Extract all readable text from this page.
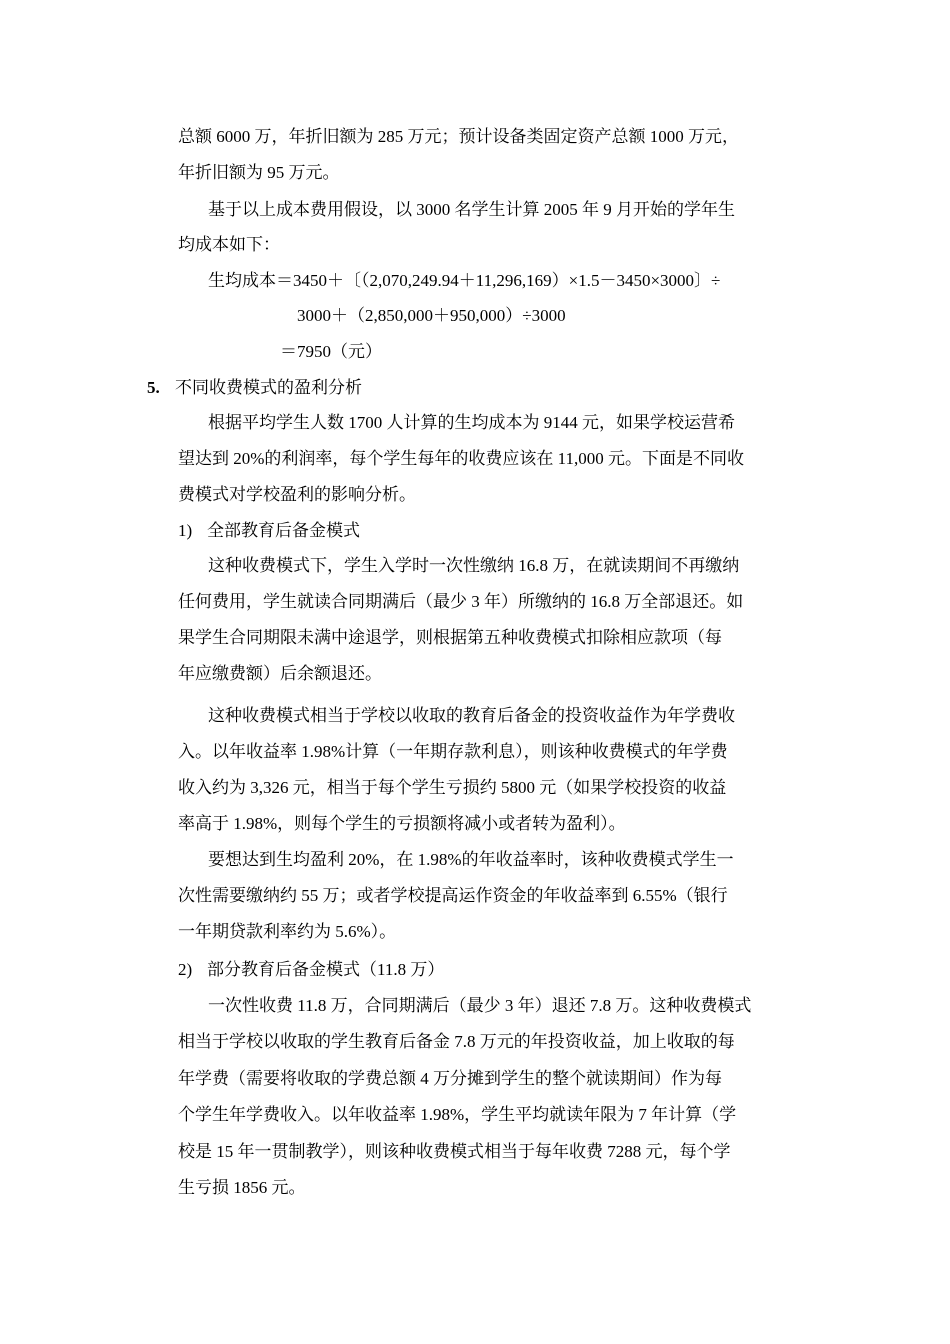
总额 6000 万，年折旧额为 285 万元；预计设备类固定资产总额 1000 万元，
年折旧额为 95 万元。
基于以上成本费用假设，以 3000 名学生计算 2005 年 9 月开始的学年生
均成本如下：
生均成本＝3450＋〔（2,070,249.94＋11,296,169）×1.5－3450×3000〕÷
3000＋（2,850,000＋950,000）÷3000
＝7950（元）
5. 不同收费模式的盈利分析
根据平均学生人数 1700 人计算的生均成本为 9144 元，如果学校运营希
望达到 20%的利润率，每个学生每年的收费应该在 11,000 元。下面是不同收
费模式对学校盈利的影响分析。
1) 全部教育后备金模式
这种收费模式下，学生入学时一次性缴纳 16.8 万，在就读期间不再缴纳
任何费用，学生就读合同期满后（最少 3 年）所缴纳的 16.8 万全部退还。如
果学生合同期限未满中途退学，则根据第五种收费模式扣除相应款项（每
年应缴费额）后余额退还。
这种收费模式相当于学校以收取的教育后备金的投资收益作为年学费收
入。以年收益率 1.98%计算（一年期存款利息），则该种收费模式的年学费
收入约为 3,326 元，相当于每个学生亏损约 5800 元（如果学校投资的收益
率高于 1.98%，则每个学生的亏损额将减小或者转为盈利）。
要想达到生均盈利 20%，在 1.98%的年收益率时，该种收费模式学生一
次性需要缴纳约 55 万；或者学校提高运作资金的年收益率到 6.55%（银行
一年期贷款利率约为 5.6%）。
2) 部分教育后备金模式（11.8 万）
一次性收费 11.8 万，合同期满后（最少 3 年）退还 7.8 万。这种收费模式
相当于学校以收取的学生教育后备金 7.8 万元的年投资收益，加上收取的每
年学费（需要将收取的学费总额 4 万分摊到学生的整个就读期间）作为每
个学生年学费收入。以年收益率 1.98%，学生平均就读年限为 7 年计算（学
校是 15 年一贯制教学），则该种收费模式相当于每年收费 7288 元，每个学
生亏损 1856 元。
